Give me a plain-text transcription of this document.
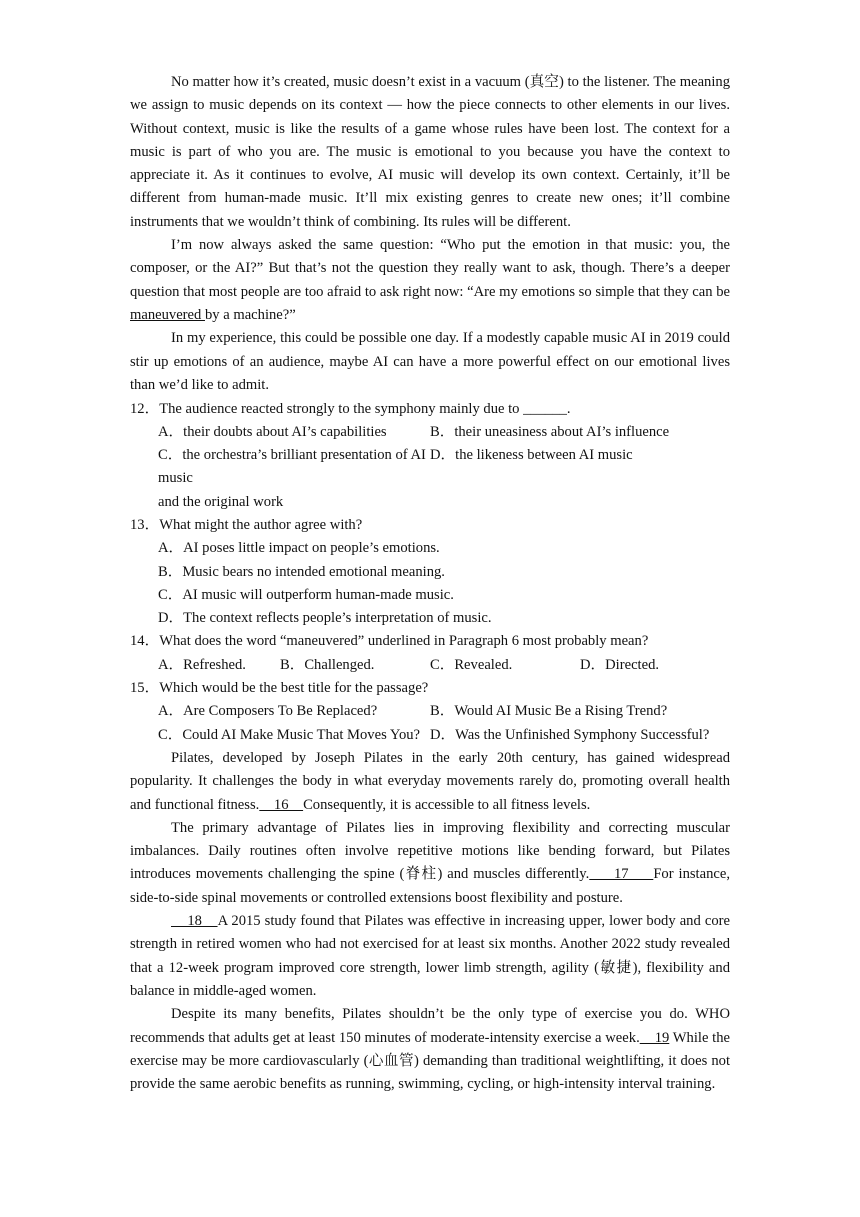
No matter how it’s created, music doesn’t exist in a vacuum (真空) to the listener. The meaning we assign to music depends on its context — how the piece connects to other elements in our lives. Without context, music is like the results of a game whose rules have been lost. The context for a music is part of who you are. The music is emotional to you because you have the context to appreciate it. As it continues to evolve, AI music will develop its own context. Certainly, it’ll be different from human-made music. It’ll mix existing genres to create new ones; it’ll combine instruments that we wouldn’t think of combining. Its rules will be different.

I’m now always asked the same question: “Who put the emotion in that music: you, the composer, or the AI?” But that’s not the question they really want to ask, though. There’s a deeper question that most people are too afraid to ask right now: “Are my emotions so simple that they can be maneuvered by a machine?”

In my experience, this could be possible one day. If a modestly capable music AI in 2019 could stir up emotions of an audience, maybe AI can have a more powerful effect on our emotional lives than we’d like to admit.

12．The audience reacted strongly to the symphony mainly due to ______.

A．their doubts about AI’s capabilities	B．their uneasiness about AI’s influence
C．the orchestra’s brilliant presentation of AI music
D．the likeness between AI music

and the original work

13．What might the author agree with?

A．AI poses little impact on people’s emotions.

B．Music bears no intended emotional meaning.

C．AI music will outperform human-made music.

D．The context reflects people’s interpretation of music.

14．What does the word “maneuvered” underlined in Paragraph 6 most probably mean?

A．Refreshed.	B．Challenged.	C．Revealed.	D．Directed.

15．Which would be the best title for the passage?

A．Are Composers To Be Replaced?	B．Would AI Music Be a Rising Trend?
C．Could AI Make Music That Moves You? D．Was the Unfinished Symphony Successful?

Pilates, developed by Joseph Pilates in the early 20th century, has gained widespread popularity. It challenges the body in what everyday movements rarely do, promoting overall health and functional fitness.    16    Consequently, it is accessible to all fitness levels.

The primary advantage of Pilates lies in improving flexibility and correcting muscular imbalances. Daily routines often involve repetitive motions like bending forward, but Pilates introduces movements challenging the spine (脊柱) and muscles differently.     17     For instance, side-to-side spinal movements or controlled extensions boost flexibility and posture.

18    A 2015 study found that Pilates was effective in increasing upper, lower body and core strength in retired women who had not exercised for at least six months. Another 2022 study revealed that a 12-week program improved core strength, lower limb strength, agility (敏捷), flexibility and balance in middle-aged women.

Despite its many benefits, Pilates shouldn’t be the only type of exercise you do. WHO recommends that adults get at least 150 minutes of moderate-intensity exercise a week.    19 While the exercise may be more cardiovascularly (心血管) demanding than traditional weightlifting, it does not provide the same aerobic benefits as running, swimming, cycling, or high-intensity interval training.
